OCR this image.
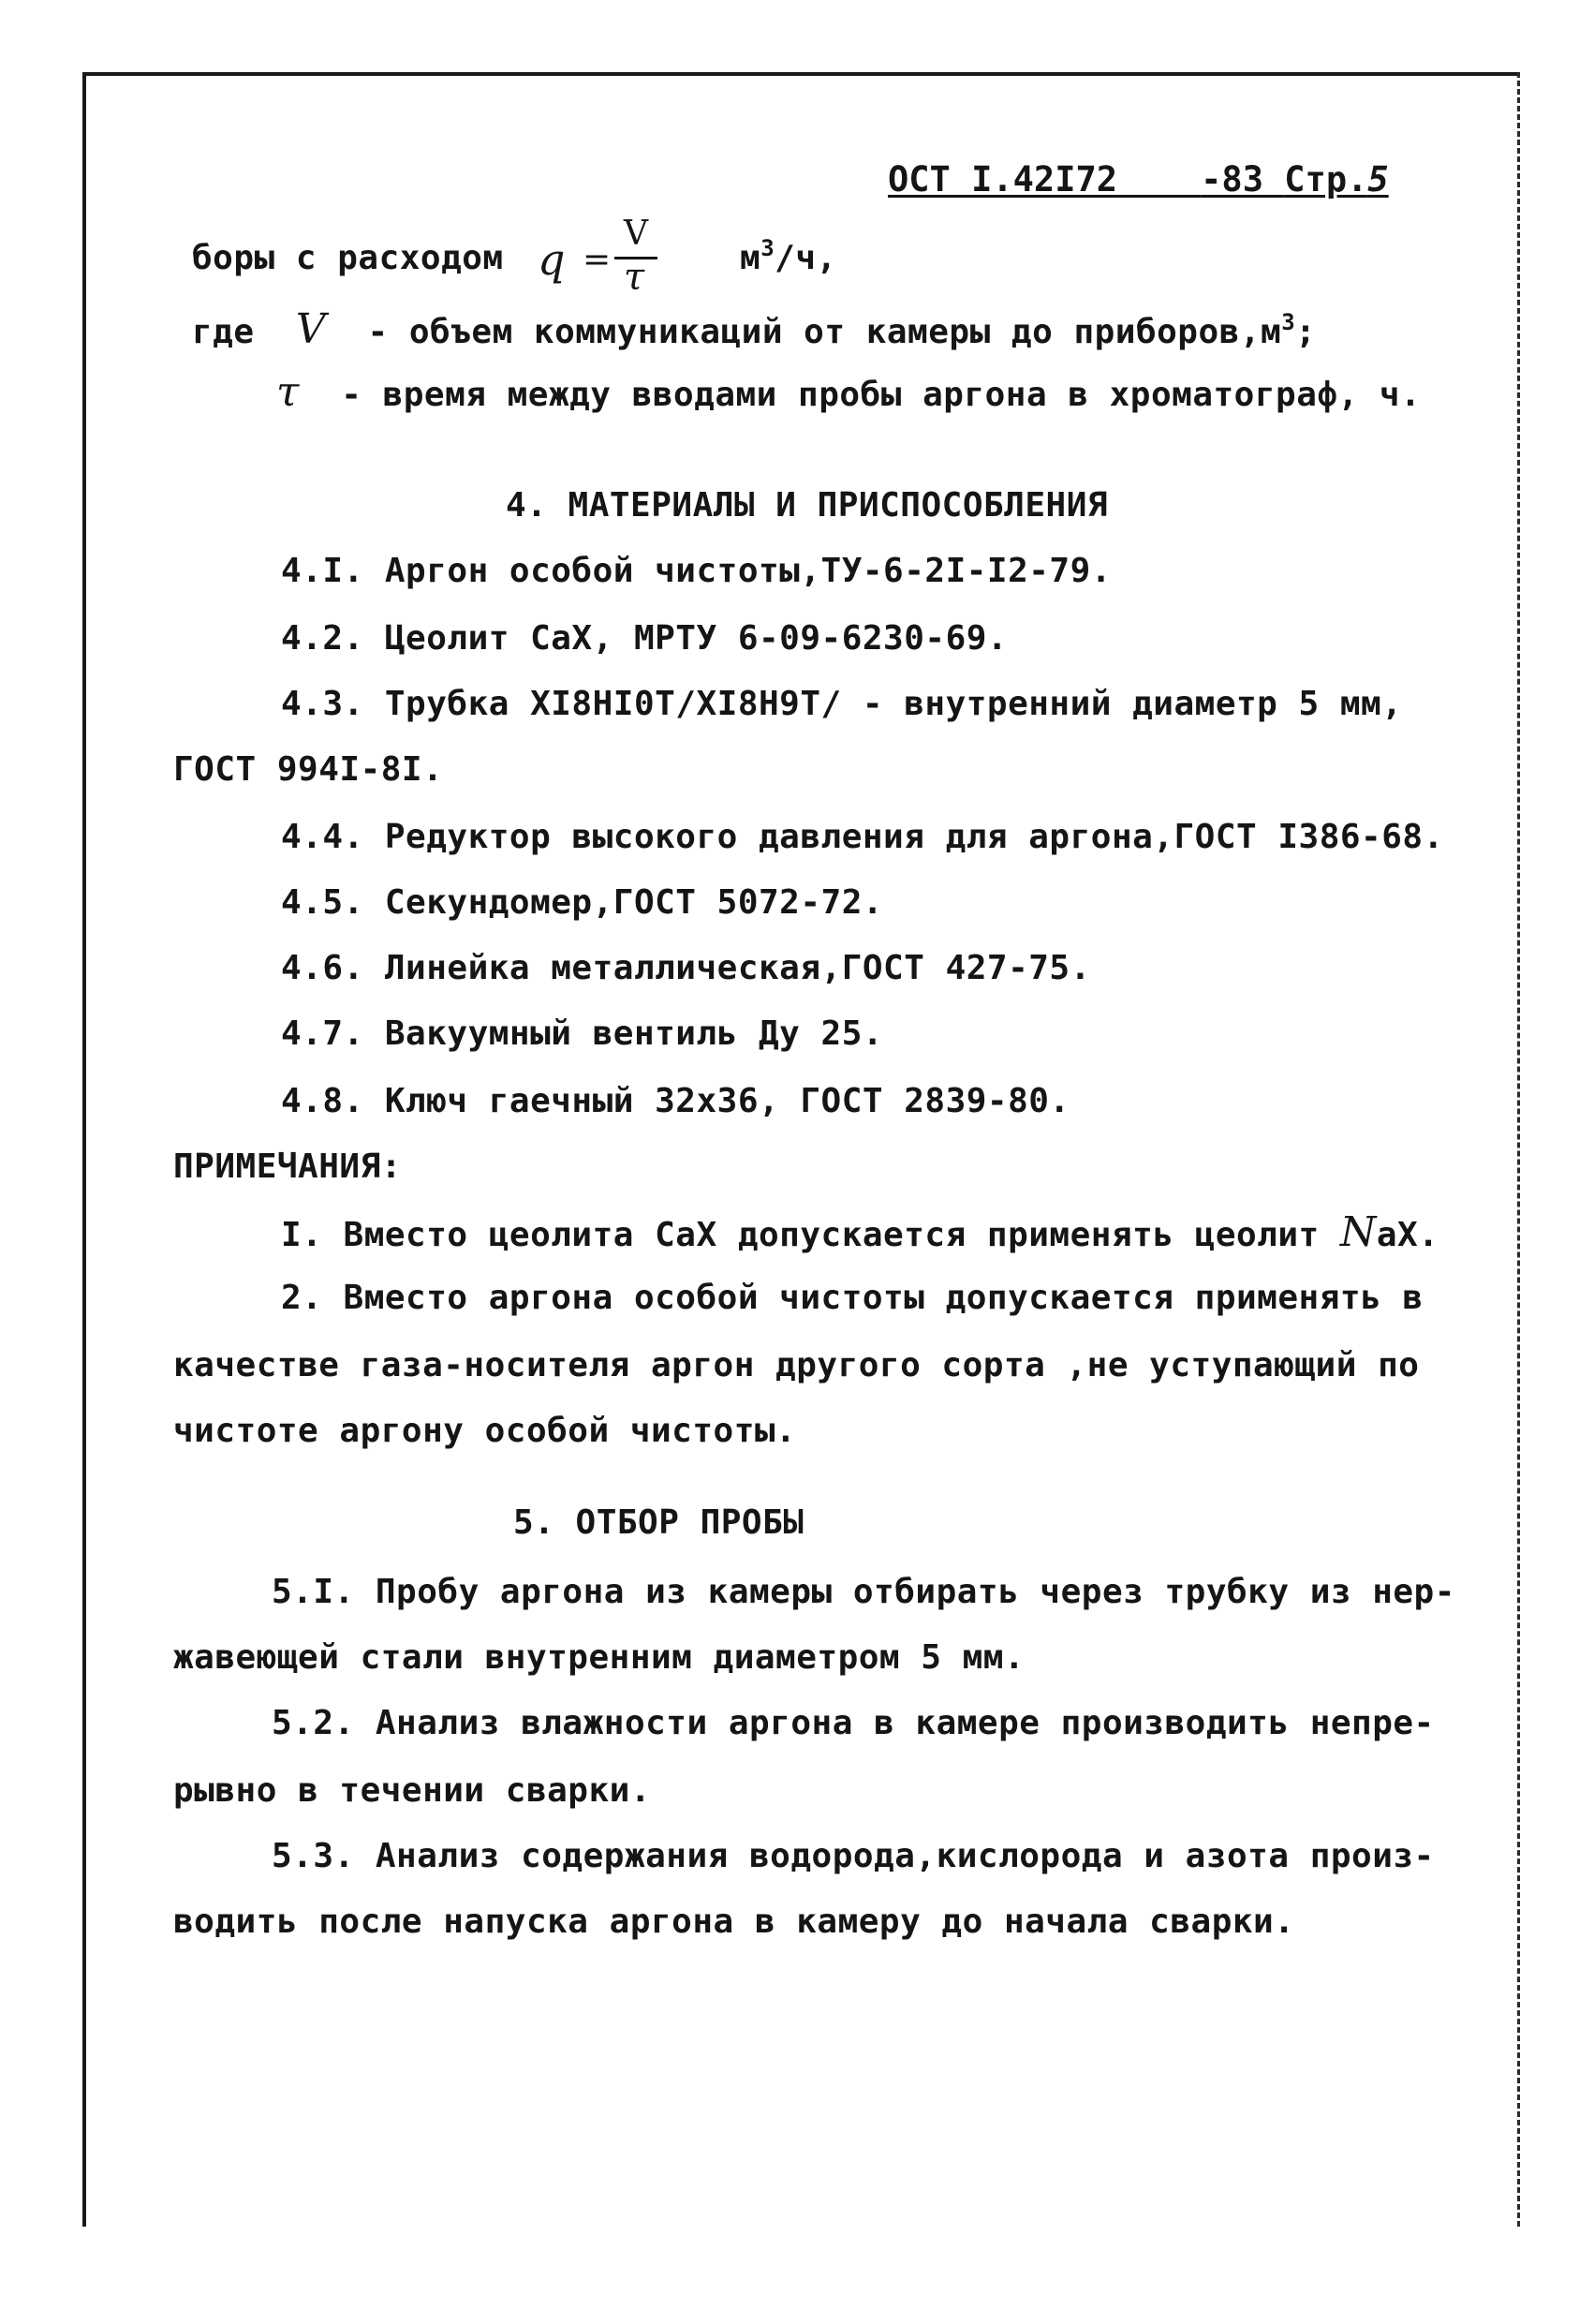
ОСТ I.42I72 -83 Стр.5
боры с расходом q =
V
τ	$м^3/ч$,
где V - объем коммуникаций от камеры до $приборов,м^3$;
τ - время между вводами пробы аргона в хроматограф, ч.
4. МАТЕРИАЛЫ И ПРИСПОСОБЛЕНИЯ
4.I. Аргон особой чистоты,ТУ-6-2I-I2-79.
4.2. Цеолит СаХ, МРТУ 6-09-6230-69.
4.3. Трубка XI8HI0T/XI8H9T/ - внутренний диаметр 5 мм,
ГОСТ 994I-8I.
4.4. Редуктор высокого давления для аргона,ГОСТ I386-68.
4.5. Секундомер,ГОСТ 5072-72.
4.6. Линейка металлическая,ГОСТ 427-75.
4.7. Вакуумный вентиль Ду 25.
4.8. Ключ гаечный 32х36, ГОСТ 2839-80.
ПРИМЕЧАНИЯ:
I. Вместо цеолита СаХ допускается применять цеолит NaX.
2. Вместо аргона особой чистоты допускается применять в
качестве газа-носителя аргон другого сорта ,не уступающий по
чистоте аргону особой чистоты.
5. ОТБОР ПРОБЫ
5.I. Пробу аргона из камеры отбирать через трубку из нер-
жавеющей стали внутренним диаметром 5 мм.
5.2. Анализ влажности аргона в камере производить непре-
рывно в течении сварки.
5.3. Анализ содержания водорода,кислорода и азота произ-
водить после напуска аргона в камеру до начала сварки.
